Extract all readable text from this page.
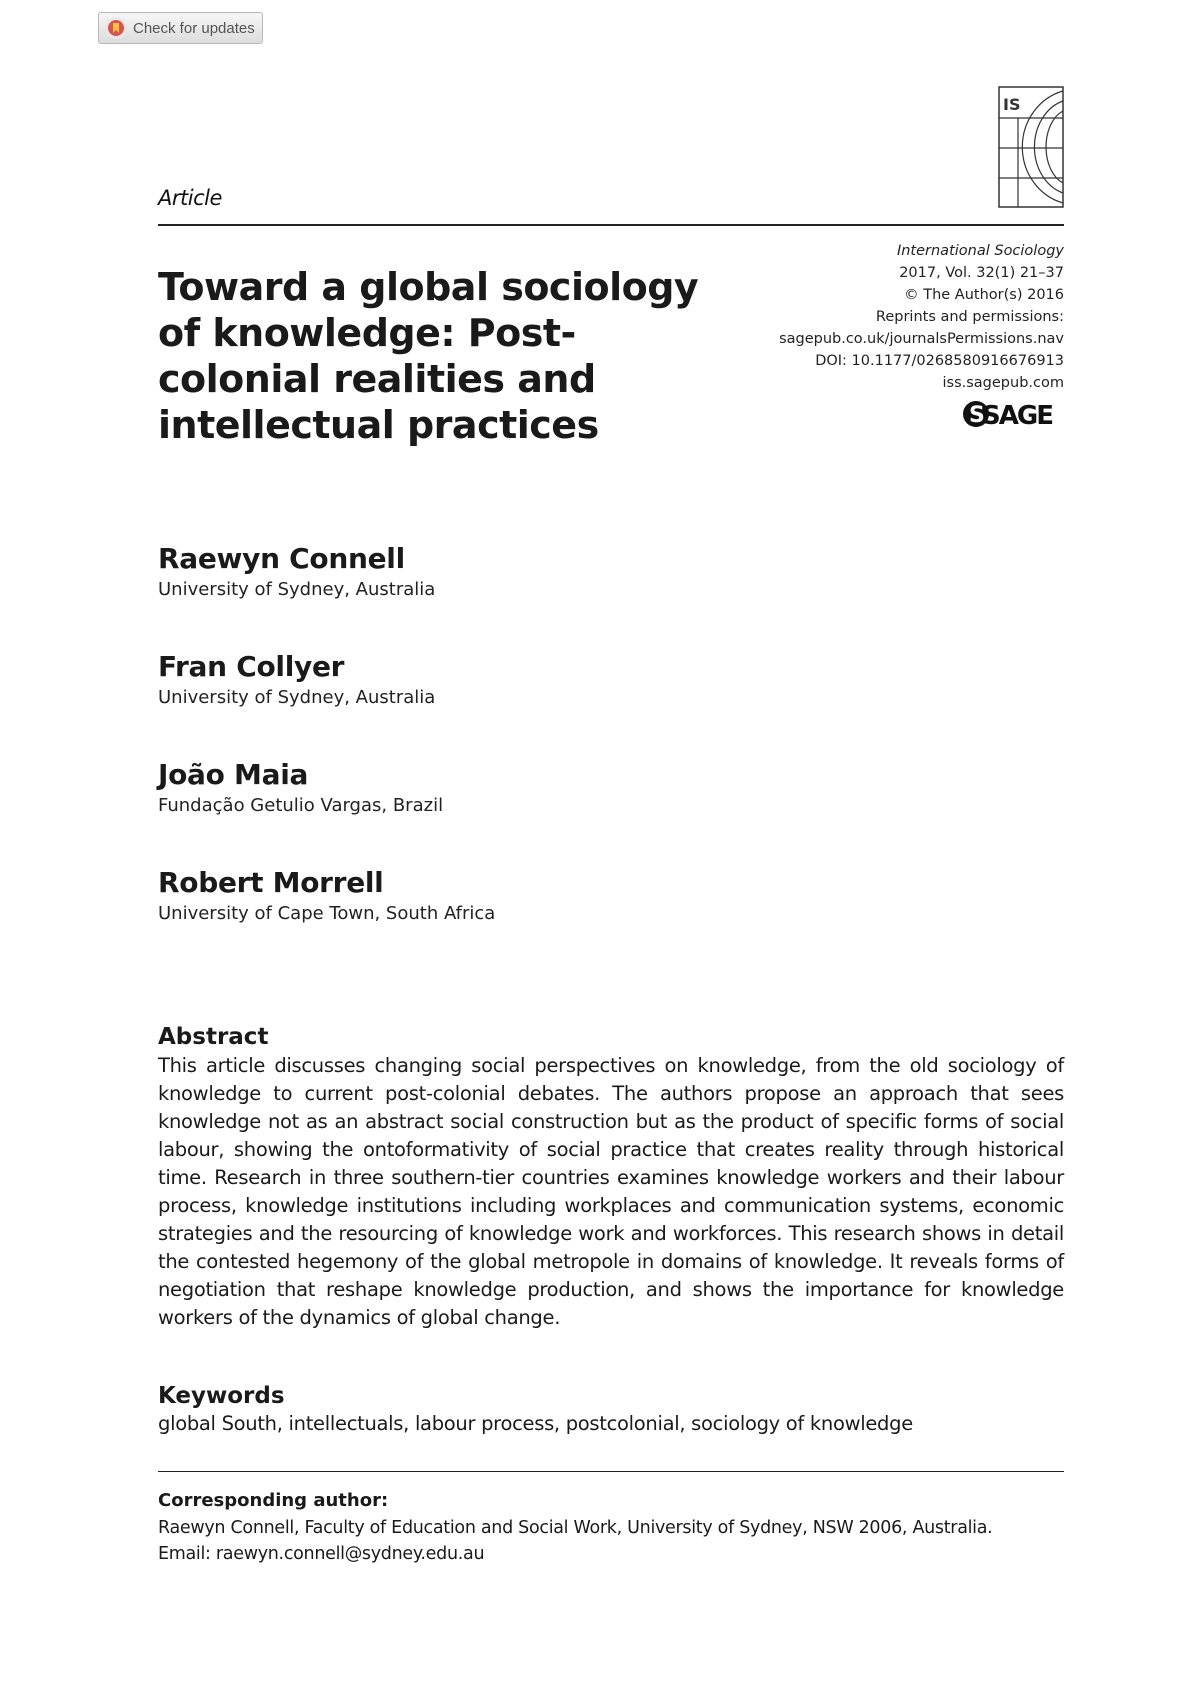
Check for updates
IS
Article
Toward a global sociology of knowledge: Post-colonial realities and intellectual practices
International Sociology
2017, Vol. 32(1) 21–37
© The Author(s) 2016
Reprints and permissions:
sagepub.co.uk/journalsPermissions.nav
DOI: 10.1177/0268580916676913
iss.sagepub.com
S
SAGE
Raewyn Connell
University of Sydney, Australia
Fran Collyer
University of Sydney, Australia
João Maia
Fundação Getulio Vargas, Brazil
Robert Morrell
University of Cape Town, South Africa
Abstract

This article discusses changing social perspectives on knowledge, from the old sociology of knowledge to current post-colonial debates. The authors propose an approach that sees knowledge not as an abstract social construction but as the product of specific forms of social labour, showing the ontoformativity of social practice that creates reality through historical time. Research in three southern-tier countries examines knowledge workers and their labour process, knowledge institutions including workplaces and communication systems, economic strategies and the resourcing of knowledge work and workforces. This research shows in detail the contested hegemony of the global metropole in domains of knowledge. It reveals forms of negotiation that reshape knowledge production, and shows the importance for knowledge workers of the dynamics of global change.

Keywords
global South, intellectuals, labour process, postcolonial, sociology of knowledge
Corresponding author:
Raewyn Connell, Faculty of Education and Social Work, University of Sydney, NSW 2006, Australia.
Email: raewyn.connell@sydney.edu.au
